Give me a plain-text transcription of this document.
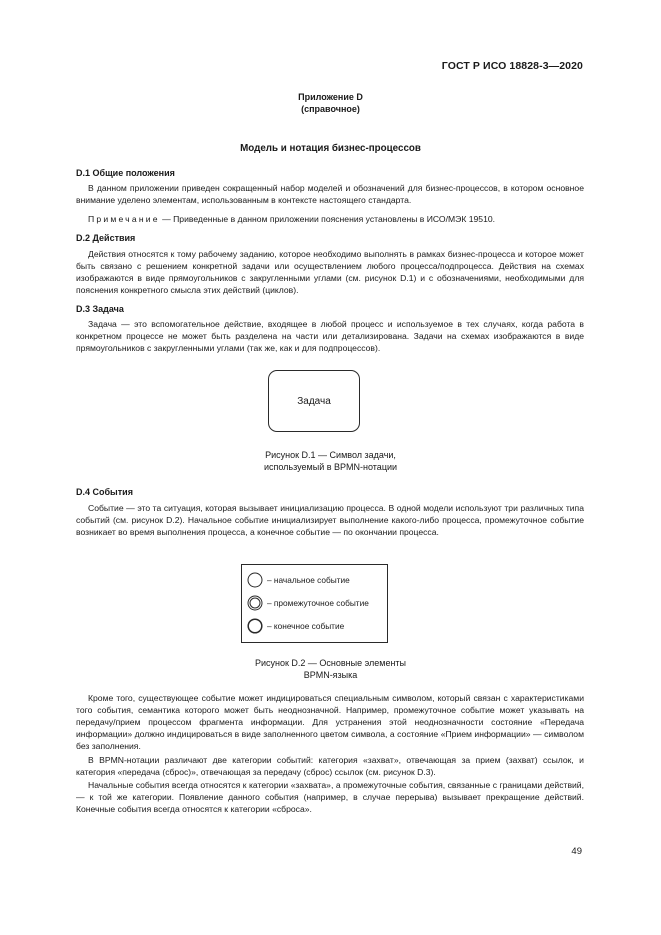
ГОСТ Р ИСО 18828-3—2020
Приложение D
(справочное)
Модель и нотация бизнес-процессов
D.1 Общие положения

В данном приложении приведен сокращенный набор моделей и обозначений для бизнес-процессов, в котором основное внимание уделено элементам, использованным в контексте настоящего стандарта.

Примечание — Приведенные в данном приложении пояснения установлены в ИСО/МЭК 19510.
D.2 Действия

Действия относятся к тому рабочему заданию, которое необходимо выполнять в рамках бизнес-процесса и которое может быть связано с решением конкретной задачи или осуществлением любого процесса/подпроцесса. Действия на схемах изображаются в виде прямоугольников с закругленными углами (см. рисунок D.1) и с обозначениями, необходимыми для пояснения конкретного смысла этих действий (циклов).

D.3 Задача

Задача — это вспомогательное действие, входящее в любой процесс и используемое в тех случаях, когда работа в конкретном процессе не может быть разделена на части или детализирована. Задачи на схемах изображаются в виде прямоугольников с закругленными углами (так же, как и для подпроцессов).

Задача
Рисунок D.1 — Символ задачи,
используемый в BPMN-нотации
D.4 События

Событие — это та ситуация, которая вызывает инициализацию процесса. В одной модели используют три различных типа событий (см. рисунок D.2). Начальное событие инициализирует выполнение какого-либо процесса, промежуточное событие возникает во время выполнения процесса, а конечное событие — по окончании процесса.

– начальное событие
– промежуточное событие
– конечное событие
Рисунок D.2 — Основные элементы
BPMN-языка

Кроме того, существующее событие может индицироваться специальным символом, который связан с характеристиками того события, семантика которого может быть неоднозначной. Например, промежуточное событие может указывать на передачу/прием процессом фрагмента информации. Для устранения этой неоднозначности состояние «Передача информации» должно индицироваться в виде заполненного цветом символа, а состояние «Прием информации» — символом без заполнения.

В BPMN-нотации различают две категории событий: категория «захват», отвечающая за прием (захват) ссылок, и категория «передача (сброс)», отвечающая за передачу (сброс) ссылок (см. рисунок D.3).

Начальные события всегда относятся к категории «захвата», а промежуточные события, связанные с границами действий, — к той же категории. Появление данного события (например, в случае перерыва) вызывает прекращение действий. Конечные события всегда относятся к категории «сброса».

49
